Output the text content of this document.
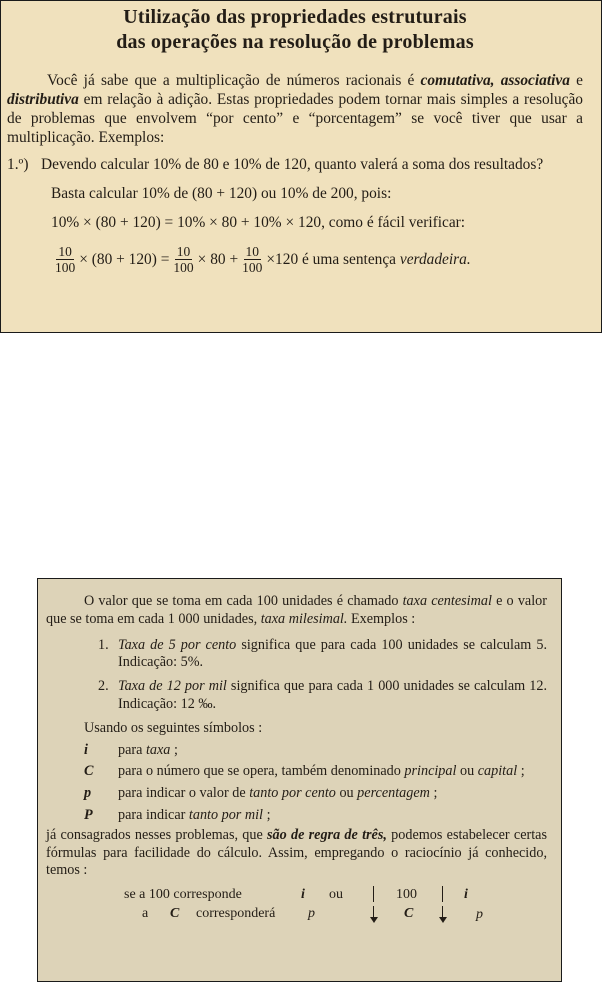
Utilização das propriedades estruturais
das operações na resolução de problemas

Você já sabe que a multiplicação de números racionais é comutativa, associativa e distributiva em relação à adição. Estas propriedades podem tornar mais simples a resolução de problemas que envolvem “por cento” e “porcentagem” se você tiver que usar a multiplicação. Exemplos:

1.º) Devendo calcular 10% de 80 e 10% de 120, quanto valerá a soma dos resultados?
Basta calcular 10% de (80 + 120) ou 10% de 200, pois:
10% × (80 + 120) = 10% × 80 + 10% × 120, como é fácil verificar:
$\frac{10}{100} \times (80 + 120) = \frac{10}{100} \times 80 + \frac{10}{100} \times 120$ é uma sentença verdadeira.

O valor que se toma em cada 100 unidades é chamado taxa centesimal e o valor que se toma em cada 1 000 unidades, taxa milesimal. Exemplos :

1. Taxa de 5 por cento significa que para cada 100 unidades se calculam 5. Indicação: 5%.
2. Taxa de 12 por mil significa que para cada 1 000 unidades se calculam 12. Indicação: 12 ‰.

Usando os seguintes símbolos :

i	para taxa ;
C	para o número que se opera, também denominado principal ou capital ;
p	para indicar o valor de tanto por cento ou percentagem ;
P	para indicar tanto por mil ;

já consagrados nesses problemas, que são de regra de três, podemos estabelecer certas fórmulas para facilidade do cálculo. Assim, empregando o raciocínio já conhecido, temos :

se a 100 corresponde	i ou	100	i
a C corresponderá p	C	p
